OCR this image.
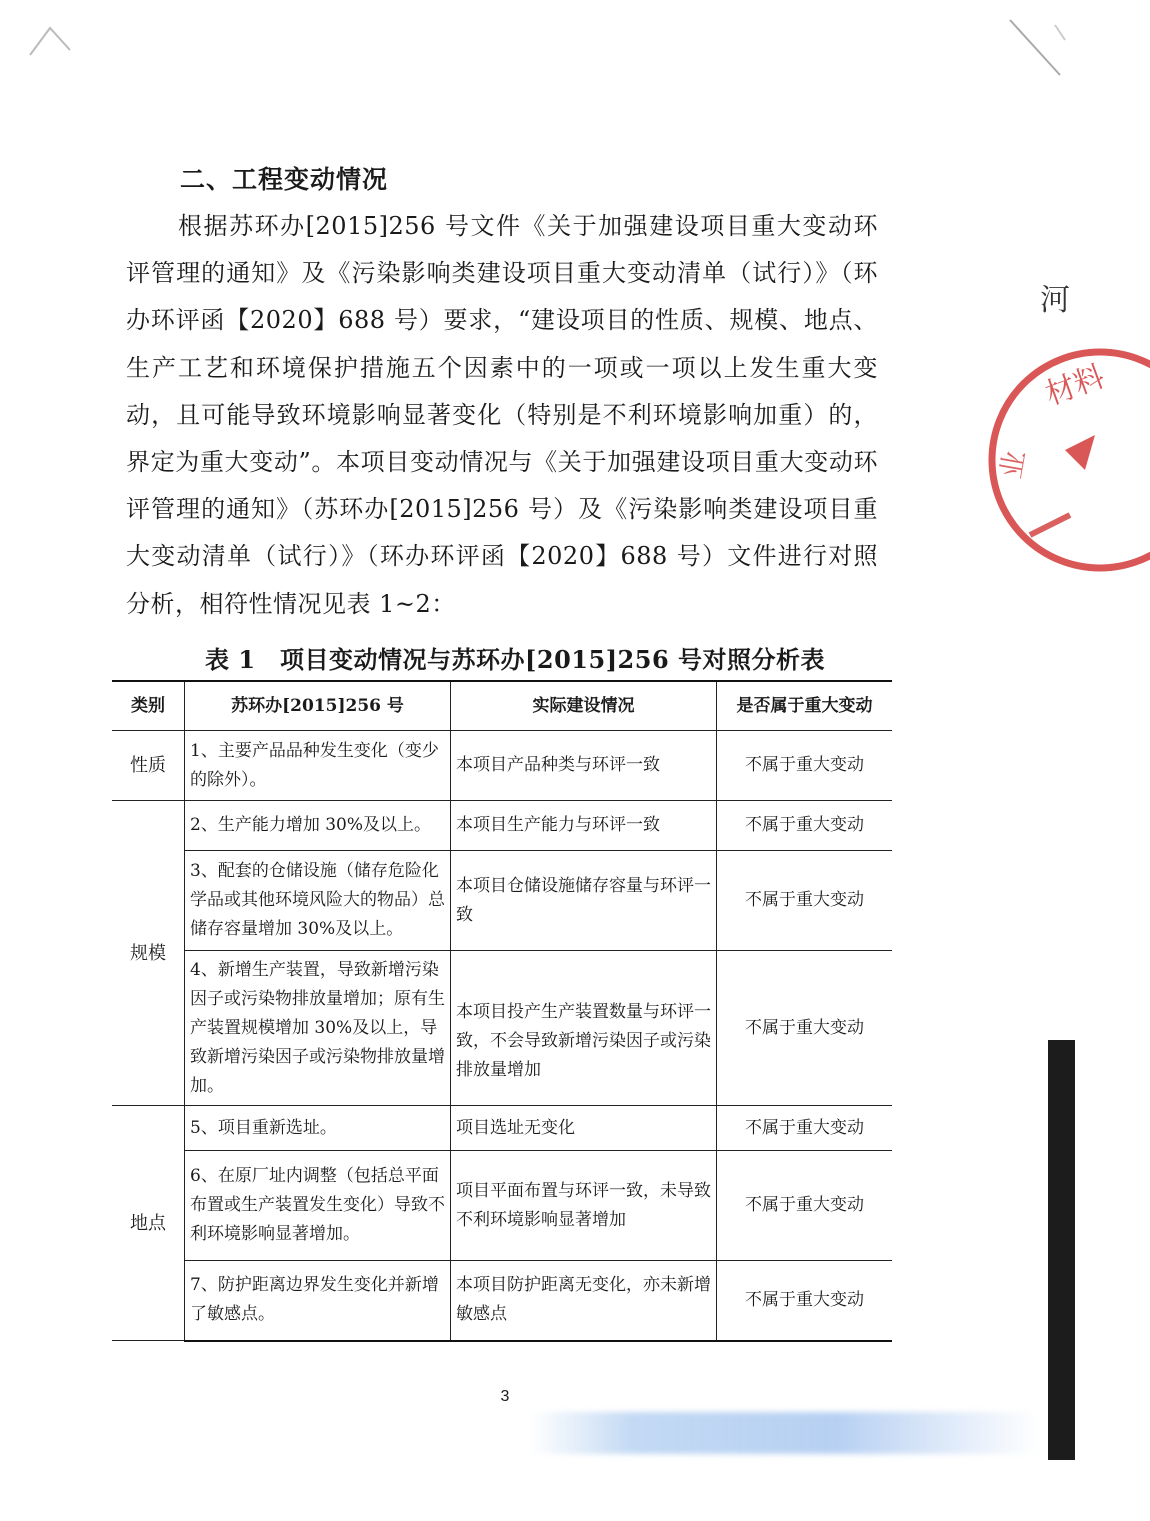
二、工程变动情况
根据苏环办[2015]256 号文件《关于加强建设项目重大变动环评管理的通知》及《污染影响类建设项目重大变动清单（试行）》（环办环评函【2020】688 号）要求，“建设项目的性质、规模、地点、生产工艺和环境保护措施五个因素中的一项或一项以上发生重大变动，且可能导致环境影响显著变化（特别是不利环境影响加重）的，界定为重大变动”。本项目变动情况与《关于加强建设项目重大变动环评管理的通知》（苏环办[2015]256 号）及《污染影响类建设项目重大变动清单（试行）》（环办环评函【2020】688 号）文件进行对照分析，相符性情况见表 1~2：
表 1　项目变动情况与苏环办[2015]256 号对照分析表
类别	苏环办[2015]256 号	实际建设情况	是否属于重大变动
性质	1、主要产品品种发生变化（变少的除外）。	本项目产品种类与环评一致	不属于重大变动
规模	2、生产能力增加 30%及以上。	本项目生产能力与环评一致	不属于重大变动
	3、配套的仓储设施（储存危险化学品或其他环境风险大的物品）总储存容量增加 30%及以上。	本项目仓储设施储存容量与环评一致	不属于重大变动
	4、新增生产装置，导致新增污染因子或污染物排放量增加；原有生产装置规模增加 30%及以上，导致新增污染因子或污染物排放量增加。	本项目投产生产装置数量与环评一致，不会导致新增污染因子或污染排放量增加	不属于重大变动
地点	5、项目重新选址。	项目选址无变化	不属于重大变动
	6、在原厂址内调整（包括总平面布置或生产装置发生变化）导致不利环境影响显著增加。	项目平面布置与环评一致，未导致不利环境影响显著增加	不属于重大变动
	7、防护距离边界发生变化并新增了敏感点。	本项目防护距离无变化，亦未新增敏感点	不属于重大变动
3
河
材料
业
